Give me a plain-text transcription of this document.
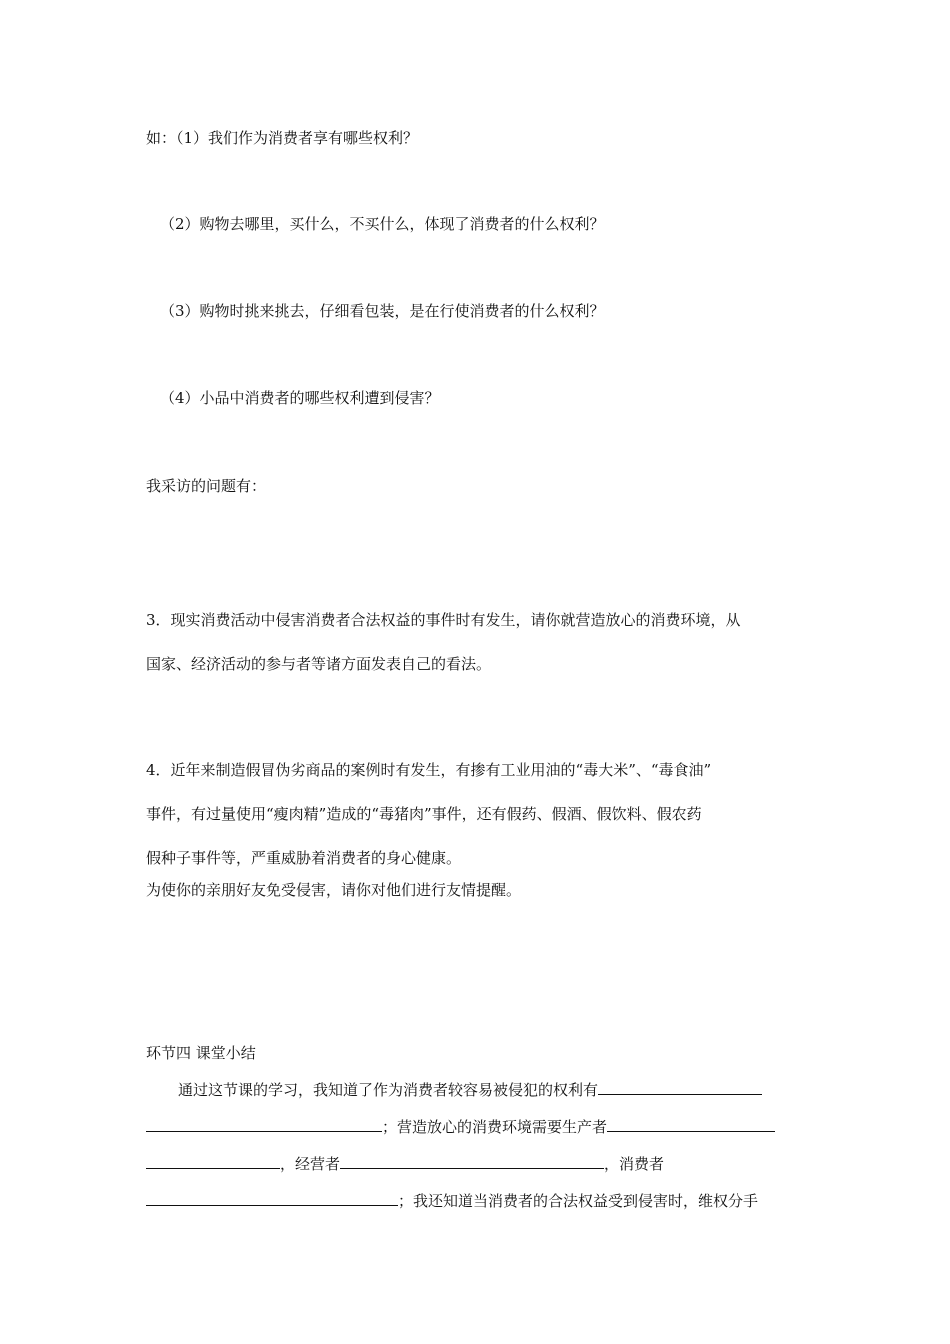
如：（1）我们作为消费者享有哪些权利？
（2）购物去哪里，买什么，不买什么，体现了消费者的什么权利？
（3）购物时挑来挑去，仔细看包装，是在行使消费者的什么权利？
（4）小品中消费者的哪些权利遭到侵害？
我采访的问题有：
3．现实消费活动中侵害消费者合法权益的事件时有发生，请你就营造放心的消费环境，从
国家、经济活动的参与者等诸方面发表自己的看法。
4．近年来制造假冒伪劣商品的案例时有发生，有掺有工业用油的“毒大米”、“毒食油”
事件，有过量使用“瘦肉精”造成的“毒猪肉”事件，还有假药、假酒、假饮料、假农药
假种子事件等，严重威胁着消费者的身心健康。
为使你的亲朋好友免受侵害，请你对他们进行友情提醒。
环节四 课堂小结
通过这节课的学习，我知道了作为消费者较容易被侵犯的权利有
；营造放心的消费环境需要生产者
，经营者	，消费者
；我还知道当消费者的合法权益受到侵害时，维权分手
